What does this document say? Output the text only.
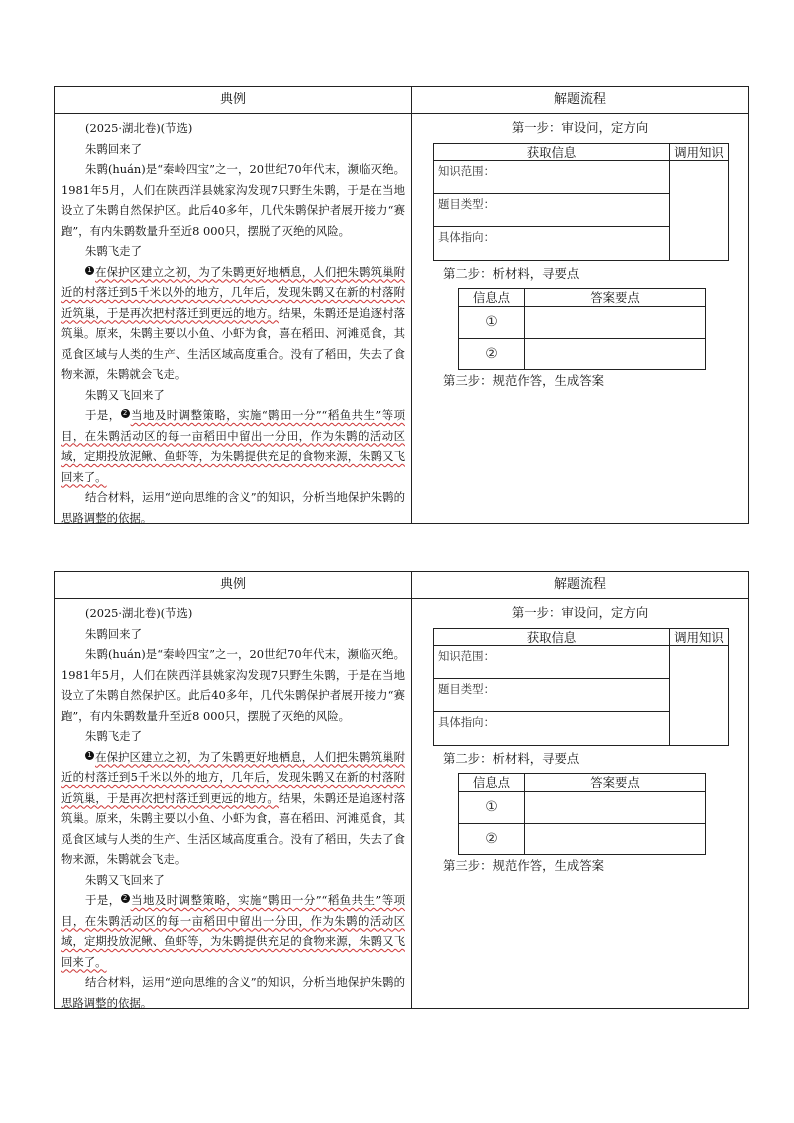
典例

(2025·湖北卷)(节选)

朱鹮回来了

朱鹮(huán)是“秦岭四宝”之一，20世纪70年代末，濒临灭绝。1981年5月，人们在陕西洋县姚家沟发现7只野生朱鹮，于是在当地设立了朱鹮自然保护区。此后40多年，几代朱鹮保护者展开接力“赛跑”，有内朱鹮数量升至近8 000只，摆脱了灭绝的风险。

朱鹮飞走了

1 在保护区建立之初，为了朱鹮更好地栖息，人们把朱鹮筑巢附近的村落迁到5千米以外的地方，几年后，发现朱鹮又在新的村落附近筑巢，于是再次把村落迁到更远的地方。结果，朱鹮还是追逐村落筑巢。原来，朱鹮主要以小鱼、小虾为食，喜在稻田、河滩觅食，其觅食区域与人类的生产、生活区域高度重合。没有了稻田，失去了食物来源，朱鹮就会飞走。

朱鹮又飞回来了

于是， 2 当地及时调整策略，实施“鹮田一分”“稻鱼共生”等项目，在朱鹮活动区的每一亩稻田中留出一分田，作为朱鹮的活动区域，定期投放泥鳅、鱼虾等，为朱鹮提供充足的食物来源，朱鹮又飞回来了。

结合材料，运用“逆向思维的含义”的知识，分析当地保护朱鹮的思路调整的依据。

解题流程
第一步：审设问，定方向
获取信息
知识范围：
题目类型：
具体指向：
调用知识
第二步：析材料，寻要点
信息点	答案要点
①
②
第三步：规范作答，生成答案
典例

(2025·湖北卷)(节选)

朱鹮回来了

朱鹮(huán)是“秦岭四宝”之一，20世纪70年代末，濒临灭绝。1981年5月，人们在陕西洋县姚家沟发现7只野生朱鹮，于是在当地设立了朱鹮自然保护区。此后40多年，几代朱鹮保护者展开接力“赛跑”，有内朱鹮数量升至近8 000只，摆脱了灭绝的风险。

朱鹮飞走了

1 在保护区建立之初，为了朱鹮更好地栖息，人们把朱鹮筑巢附近的村落迁到5千米以外的地方，几年后，发现朱鹮又在新的村落附近筑巢，于是再次把村落迁到更远的地方。结果，朱鹮还是追逐村落筑巢。原来，朱鹮主要以小鱼、小虾为食，喜在稻田、河滩觅食，其觅食区域与人类的生产、生活区域高度重合。没有了稻田，失去了食物来源，朱鹮就会飞走。

朱鹮又飞回来了

于是， 2 当地及时调整策略，实施“鹮田一分”“稻鱼共生”等项目，在朱鹮活动区的每一亩稻田中留出一分田，作为朱鹮的活动区域，定期投放泥鳅、鱼虾等，为朱鹮提供充足的食物来源，朱鹮又飞回来了。

结合材料，运用“逆向思维的含义”的知识，分析当地保护朱鹮的思路调整的依据。

解题流程
第一步：审设问，定方向
获取信息
知识范围：
题目类型：
具体指向：
调用知识
第二步：析材料，寻要点
信息点	答案要点
①
②
第三步：规范作答，生成答案
